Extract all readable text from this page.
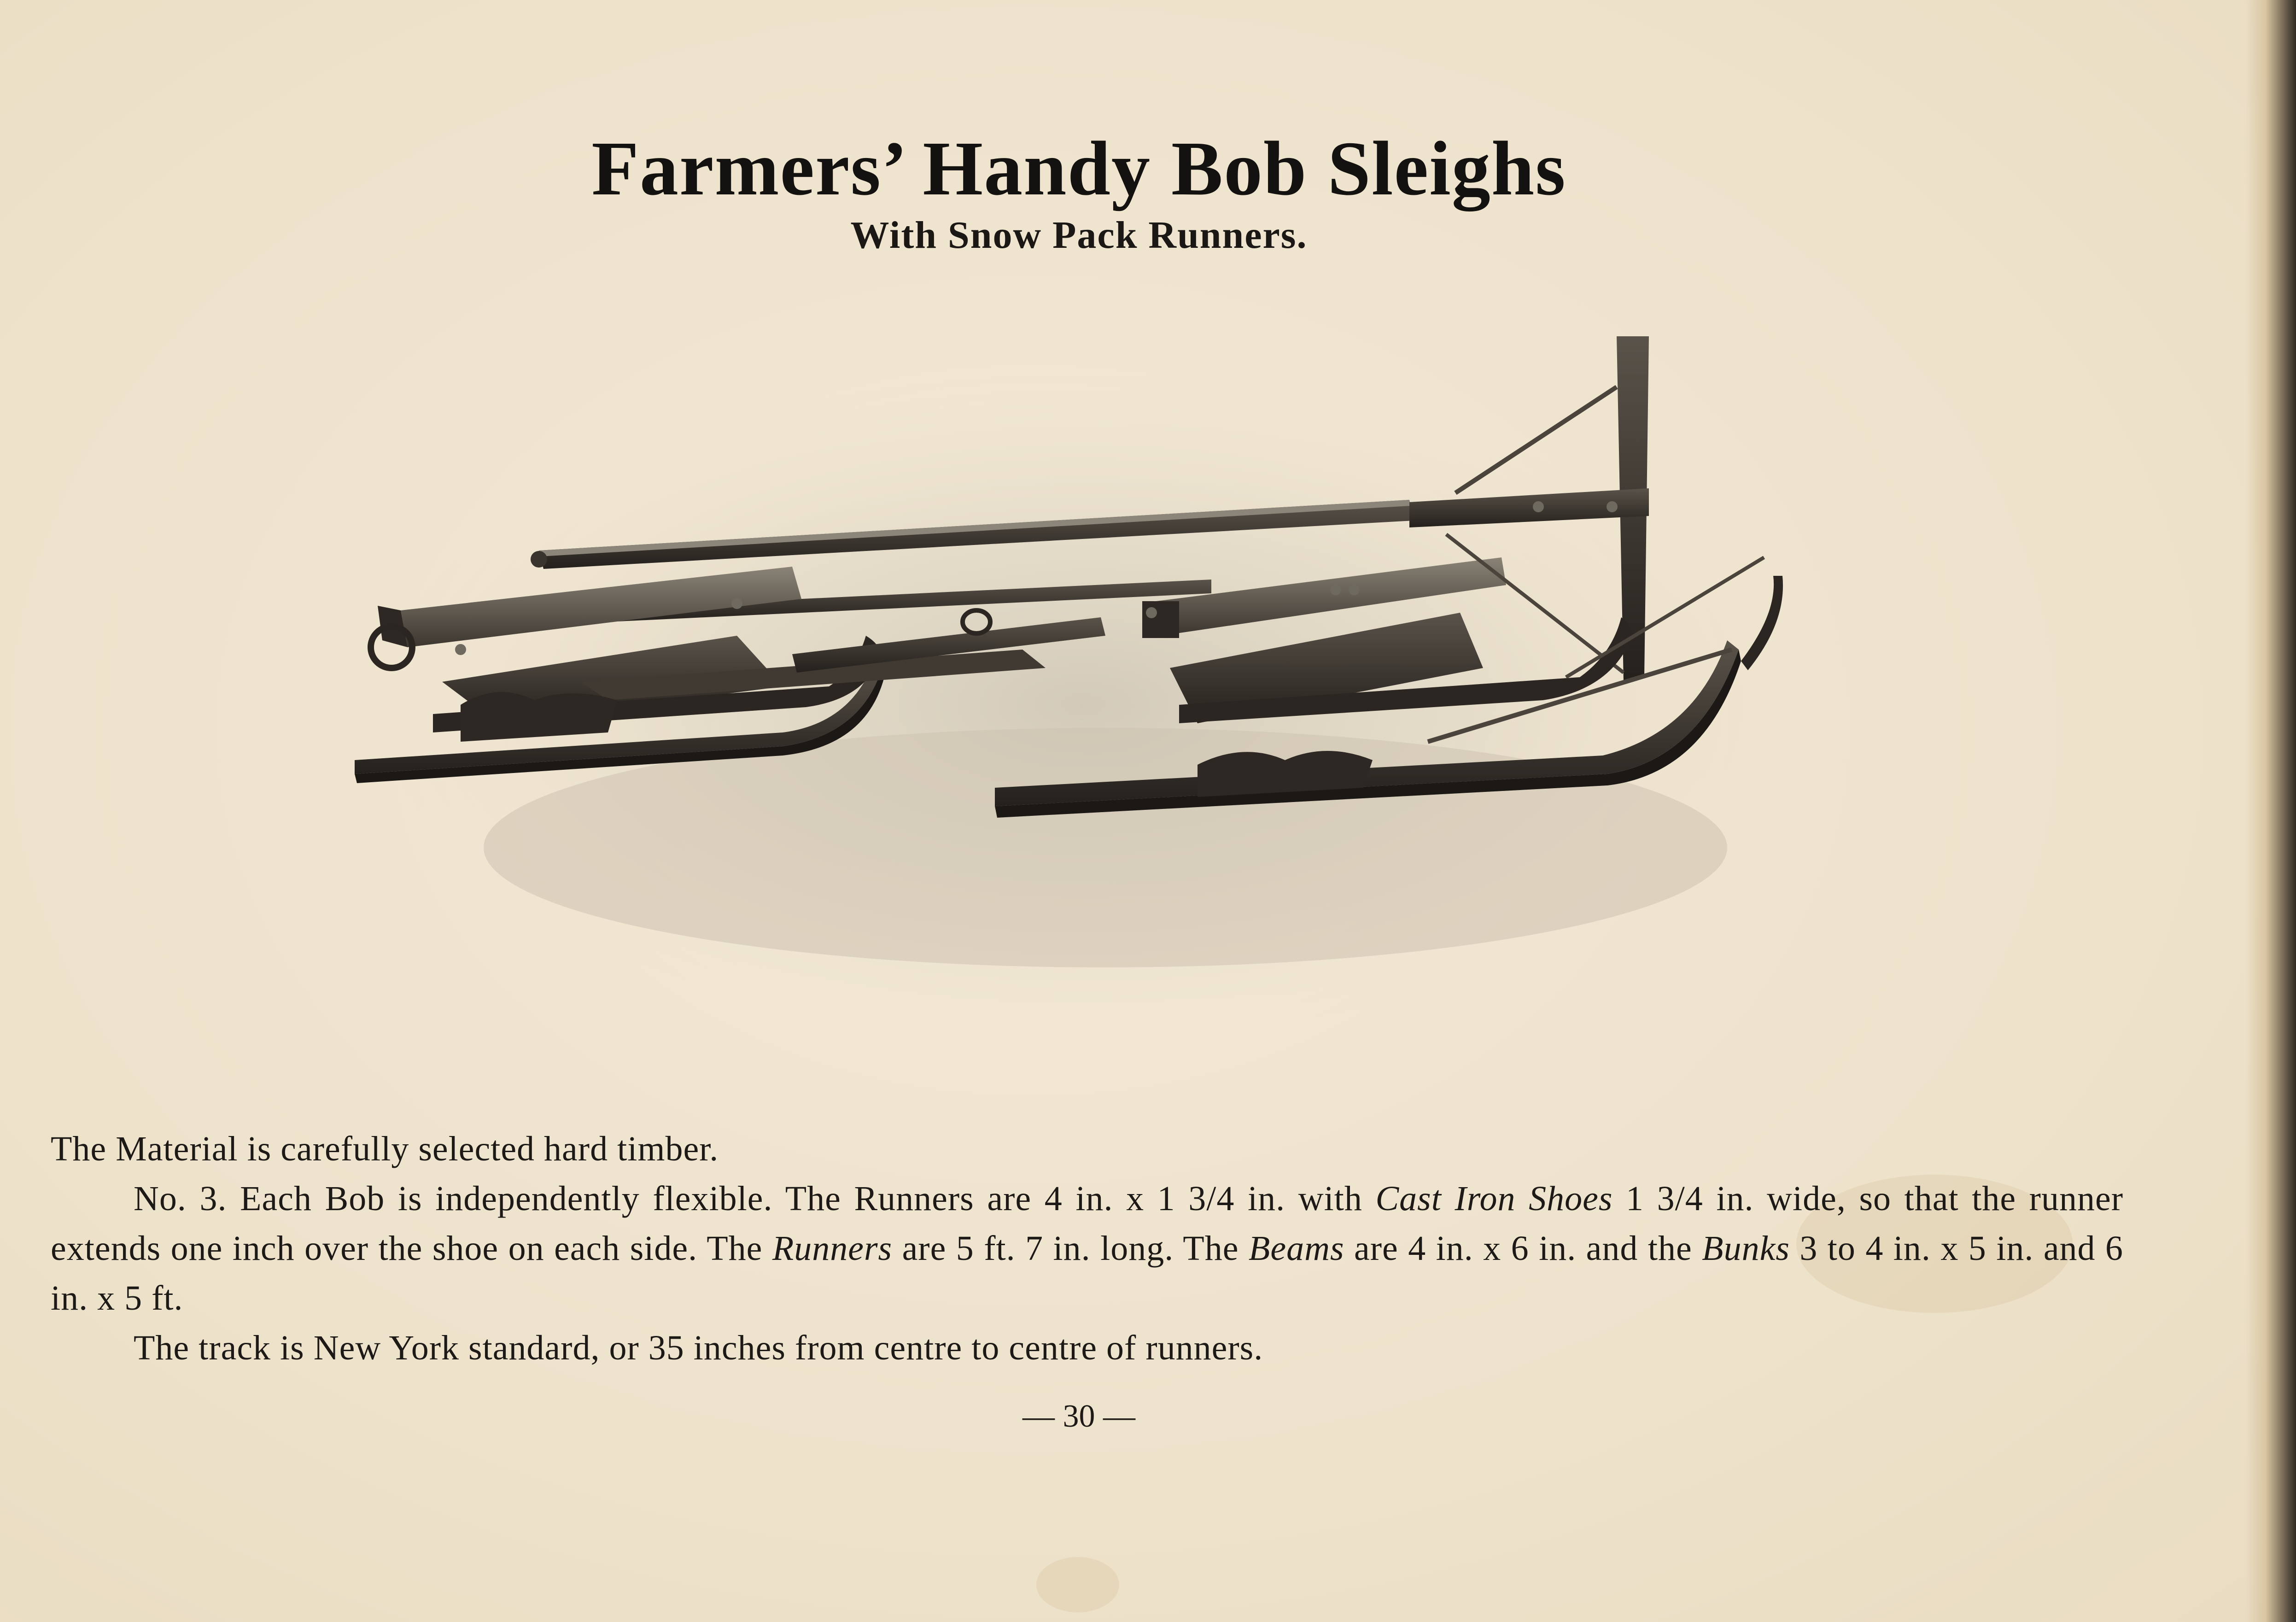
Farmers’ Handy Bob Sleighs
With Snow Pack Runners.

The Material is carefully selected hard timber.

No. 3. Each Bob is independently flexible. The Runners are 4 in. x 1 3/4 in. with Cast Iron Shoes 1 3/4 in. wide, so that the runner extends one inch over the shoe on each side. The Runners are 5 ft. 7 in. long. The Beams are 4 in. x 6 in. and the Bunks 3 to 4 in. x 5 in. and 6 in. x 5 ft.

The track is New York standard, or 35 inches from centre to centre of runners.

— 30 —
